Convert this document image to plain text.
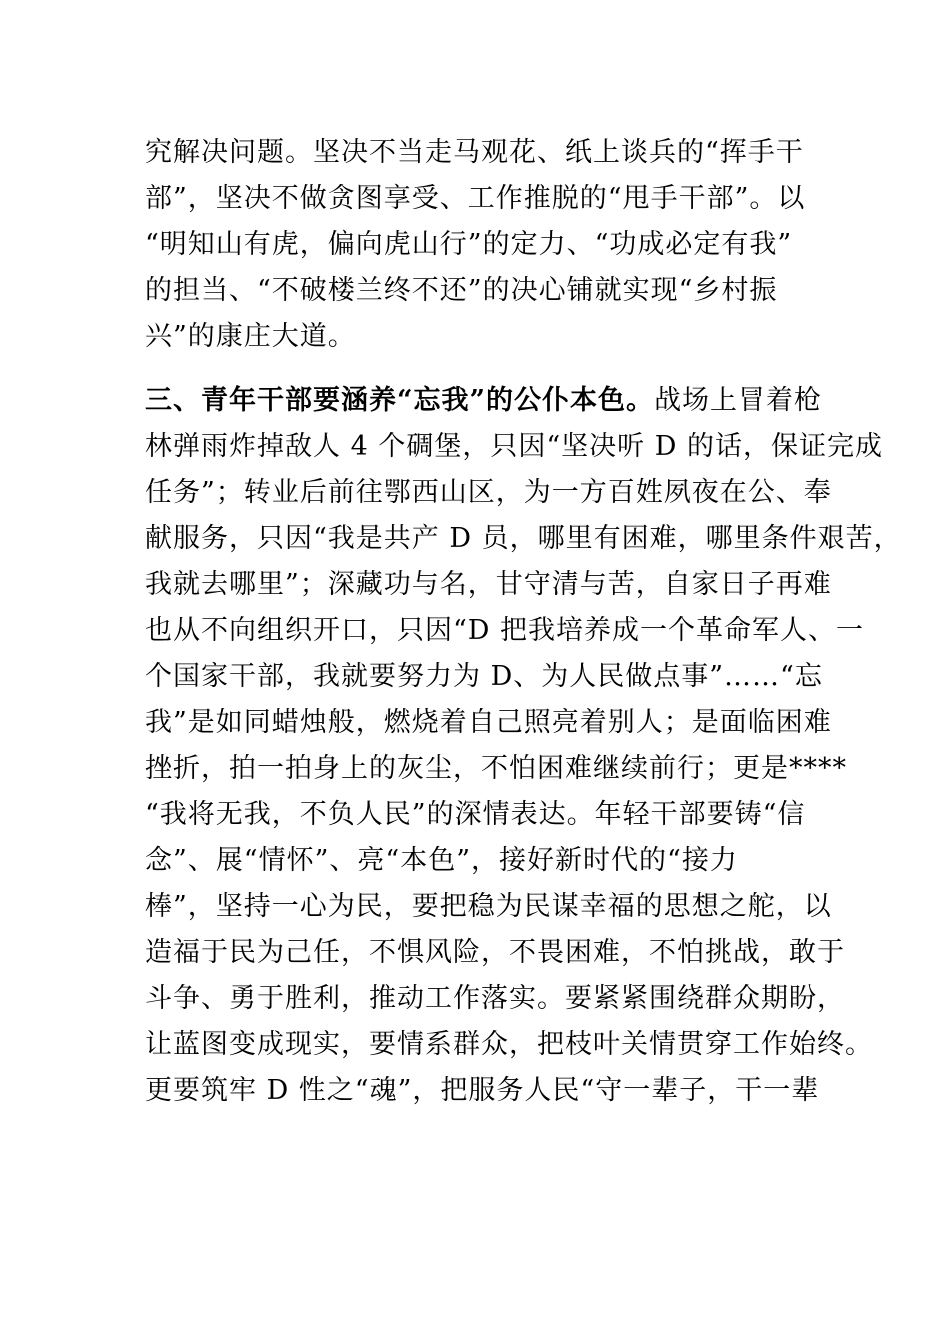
究解决问题。坚决不当走马观花、纸上谈兵的“挥手干
部”，坚决不做贪图享受、工作推脱的“甩手干部”。以
“明知山有虎，偏向虎山行”的定力、“功成必定有我”
的担当、“不破楼兰终不还”的决心铺就实现“乡村振
兴”的康庄大道。
三、青年干部要涵养“忘我”的公仆本色。战场上冒着枪
林弹雨炸掉敌人 4 个碉堡，只因“坚决听 D 的话，保证完成
任务”；转业后前往鄂西山区，为一方百姓夙夜在公、奉
献服务，只因“我是共产 D 员，哪里有困难，哪里条件艰苦，
我就去哪里”；深藏功与名，甘守清与苦，自家日子再难
也从不向组织开口，只因“D 把我培养成一个革命军人、一
个国家干部，我就要努力为 D、为人民做点事”……“忘
我”是如同蜡烛般，燃烧着自己照亮着别人；是面临困难
挫折，拍一拍身上的灰尘，不怕困难继续前行；更是****
“我将无我，不负人民”的深情表达。年轻干部要铸“信
念”、展“情怀”、亮“本色”，接好新时代的“接力
棒”，坚持一心为民，要把稳为民谋幸福的思想之舵，以
造福于民为己任，不惧风险，不畏困难，不怕挑战，敢于
斗争、勇于胜利，推动工作落实。要紧紧围绕群众期盼，
让蓝图变成现实，要情系群众，把枝叶关情贯穿工作始终。
更要筑牢 D 性之“魂”，把服务人民“守一辈子，干一辈
